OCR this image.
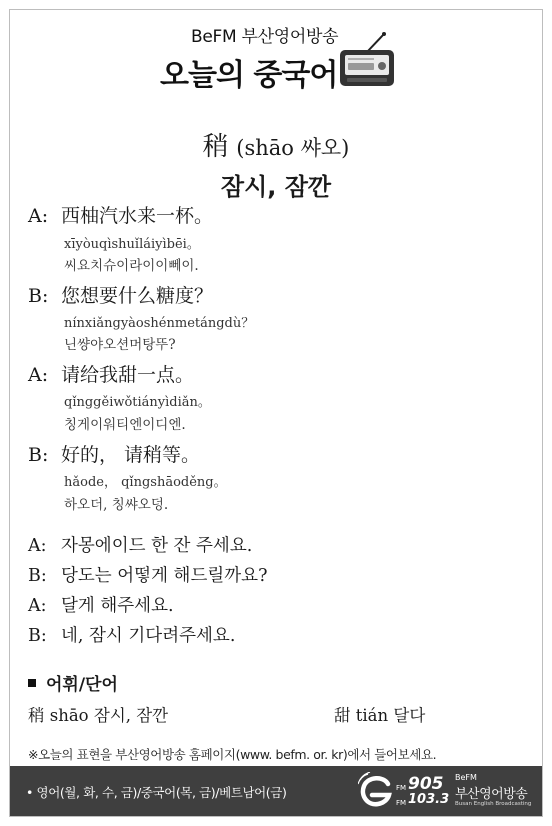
BeFM 부산영어방송
오늘의 중국어
稍 (shāo 쌰오)
잠시, 잠깐
A: 西柚汽水来一杯。
xīyòuqìshuǐláiyìbēi。
씨요치슈이라이이뻬이.
B: 您想要什么糖度？
nínxiǎngyàoshénmetángdù？
닌썅야오션머탕뚜?
A: 请给我甜一点。
qǐnggěiwǒtiányìdiǎn。
칭게이워티엔이디엔.
B: 好的， 请稍等。
hǎode， qǐngshāoděng。
하오더, 칭쌰오덩.
A: 자몽에이드 한 잔 주세요.
B: 당도는 어떻게 해드릴까요?
A: 달게 해주세요.
B: 네, 잠시 기다려주세요.
어휘/단어
稍 shāo 잠시, 잠깐	甜 tián 달다
※오늘의 표현을 부산영어방송 홈페이지(www. befm. or. kr)에서 들어보세요.
• 영어(월, 화, 수, 금)/중국어(목, 금)/베트남어(금)	FM 905
FM 103.3
BeFM
부산영어방송
Busan English Broadcasting
